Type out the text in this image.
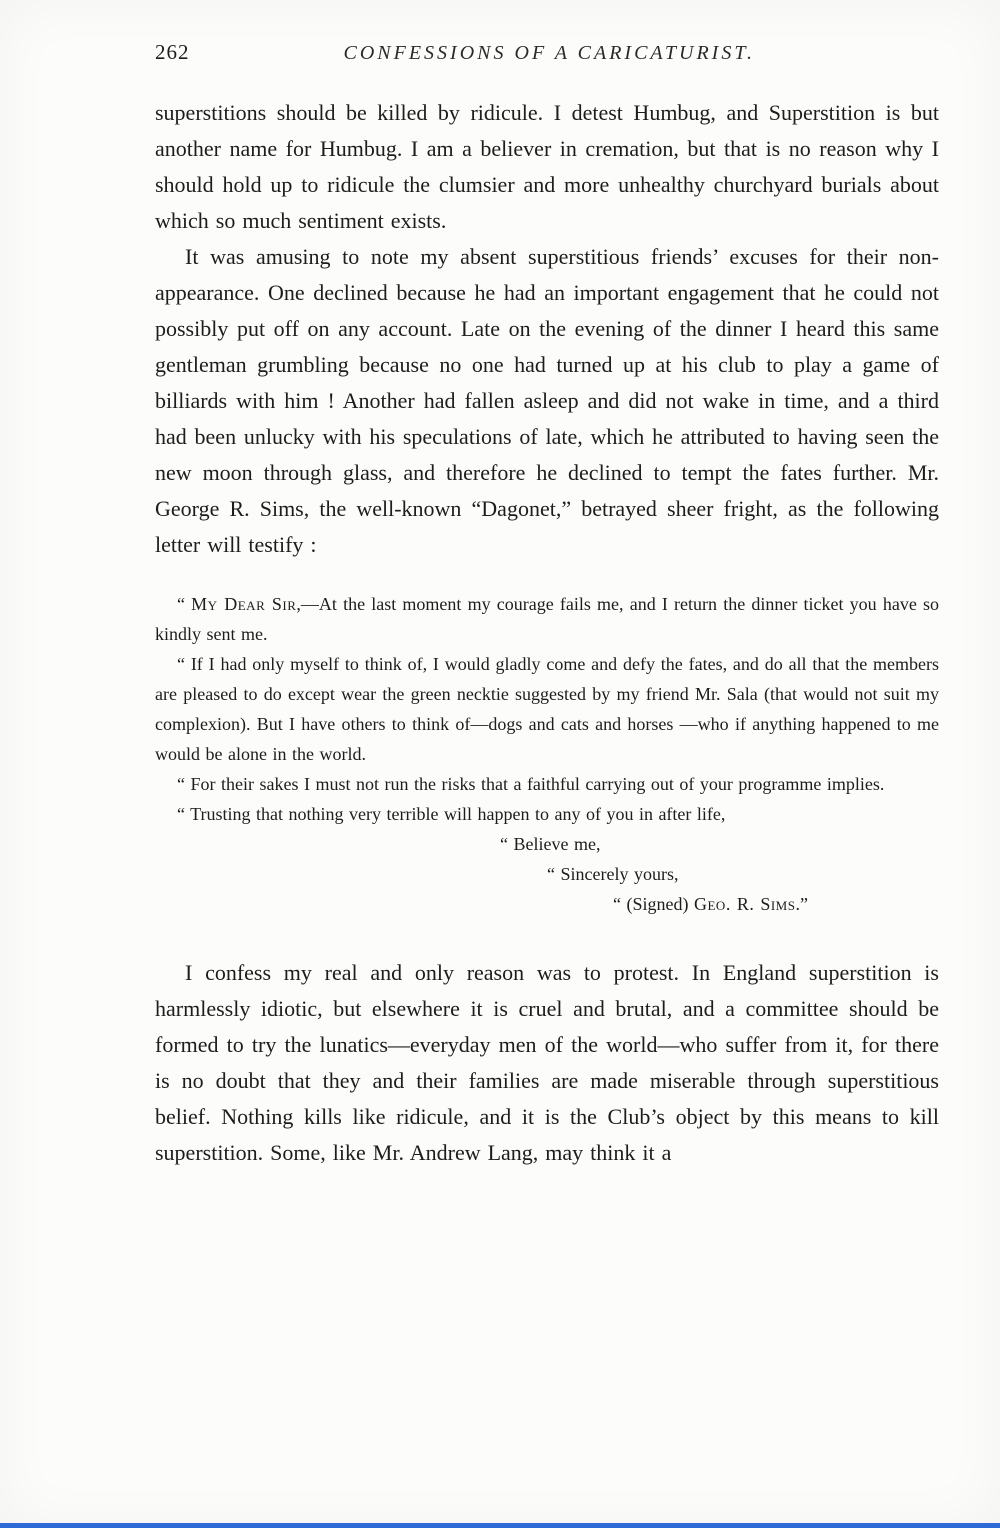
262	CONFESSIONS OF A CARICATURIST.

superstitions should be killed by ridicule. I detest Humbug, and Superstition is but another name for Humbug. I am a believer in cremation, but that is no reason why I should hold up to ridicule the clumsier and more unhealthy churchyard burials about which so much sentiment exists.

It was amusing to note my absent superstitious friends’ excuses for their non-appearance. One declined because he had an important engagement that he could not possibly put off on any account. Late on the evening of the dinner I heard this same gentleman grumbling because no one had turned up at his club to play a game of billiards with him ! Another had fallen asleep and did not wake in time, and a third had been unlucky with his speculations of late, which he attributed to having seen the new moon through glass, and therefore he declined to tempt the fates further. Mr. George R. Sims, the well-known “Dagonet,” betrayed sheer fright, as the following letter will testify :

“ My Dear Sir,—At the last moment my courage fails me, and I return the dinner ticket you have so kindly sent me.

“ If I had only myself to think of, I would gladly come and defy the fates, and do all that the members are pleased to do except wear the green necktie suggested by my friend Mr. Sala (that would not suit my complexion). But I have others to think of—dogs and cats and horses —who if anything happened to me would be alone in the world.

“ For their sakes I must not run the risks that a faithful carrying out of your programme implies.

“ Trusting that nothing very terrible will happen to any of you in after life,

“ Believe me,

“ Sincerely yours,

“ (Signed) Geo. R. Sims.”

I confess my real and only reason was to protest. In England superstition is harmlessly idiotic, but elsewhere it is cruel and brutal, and a committee should be formed to try the lunatics—everyday men of the world—who suffer from it, for there is no doubt that they and their families are made miserable through superstitious belief. Nothing kills like ridicule, and it is the Club’s object by this means to kill superstition. Some, like Mr. Andrew Lang, may think it a
